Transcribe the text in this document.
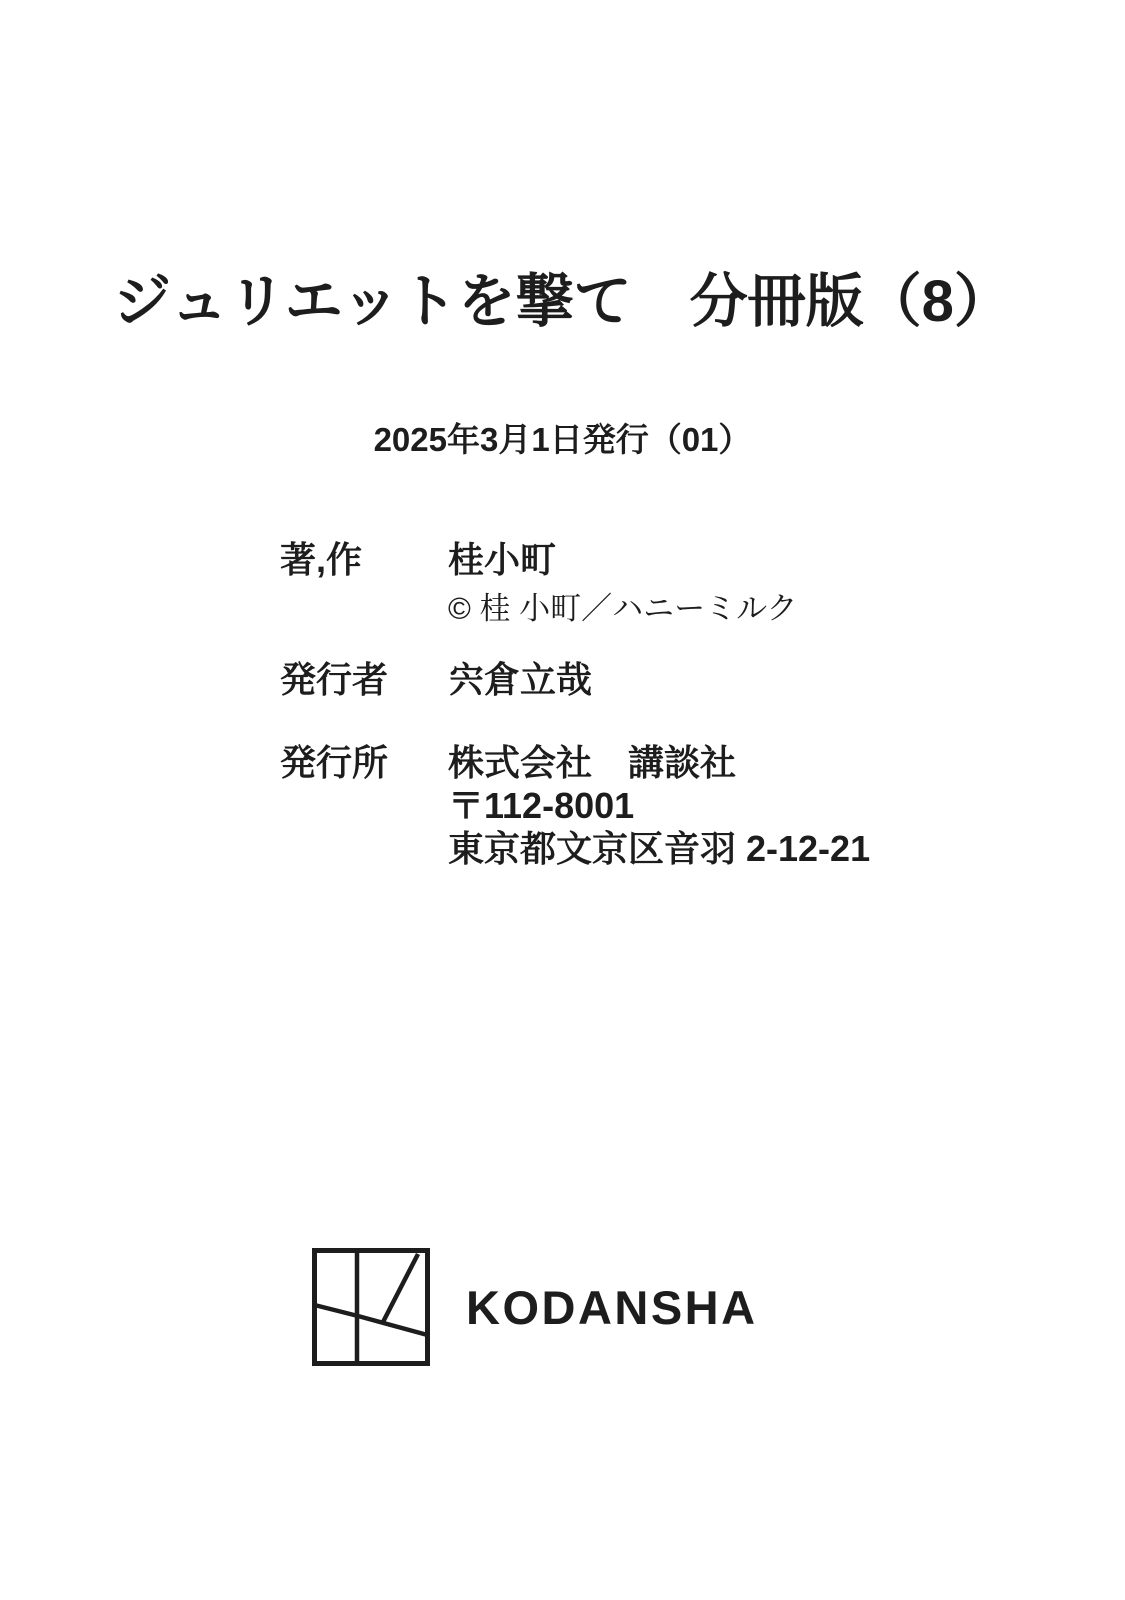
ジュリエットを撃て　分冊版（8）
2025年3月1日発行（01）
著,作	桂小町
© 桂 小町／ハニーミルク
発行者	宍倉立哉
発行所	株式会社　講談社
〒112-8001
東京都文京区音羽 2-12-21
KODANSHA
